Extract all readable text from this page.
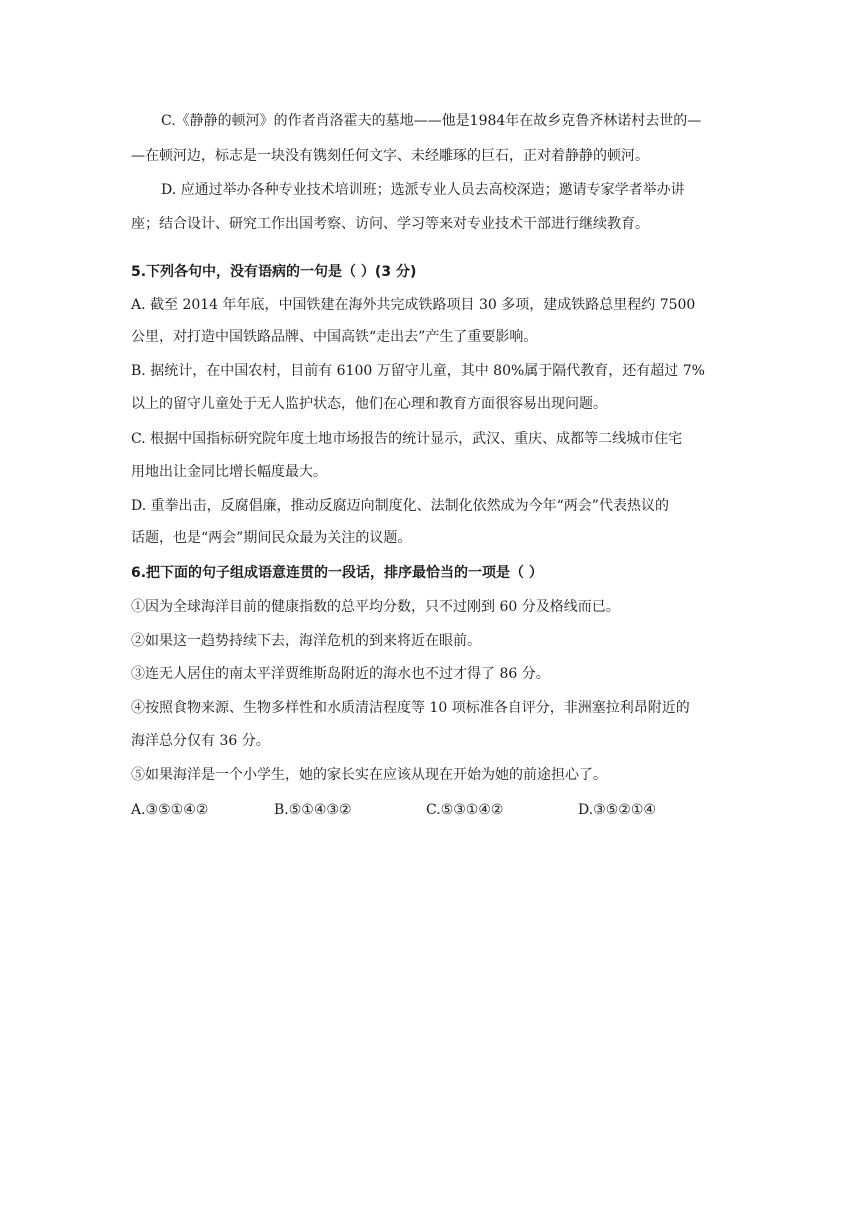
C.《静静的顿河》的作者肖洛霍夫的墓地——他是1984年在故乡克鲁齐林诺村去世的—
—在顿河边，标志是一块没有镌刻任何文字、未经雕琢的巨石，正对着静静的顿河。
D. 应通过举办各种专业技术培训班；选派专业人员去高校深造；邀请专家学者举办讲
座；结合设计、研究工作出国考察、访问、学习等来对专业技术干部进行继续教育。
5.下列各句中，没有语病的一句是（ ）(3 分)
A. 截至 2014 年年底，中国铁建在海外共完成铁路项目 30 多项，建成铁路总里程约 7500
公里，对打造中国铁路品牌、中国高铁“走出去”产生了重要影响。
B. 据统计，在中国农村，目前有 6100 万留守儿童，其中 80%属于隔代教育，还有超过 7%
以上的留守儿童处于无人监护状态，他们在心理和教育方面很容易出现问题。
C. 根据中国指标研究院年度土地市场报告的统计显示，武汉、重庆、成都等二线城市住宅
用地出让金同比增长幅度最大。
D. 重拳出击，反腐倡廉，推动反腐迈向制度化、法制化依然成为今年“两会”代表热议的
话题，也是“两会”期间民众最为关注的议题。
6.把下面的句子组成语意连贯的一段话，排序最恰当的一项是（ ）
①因为全球海洋目前的健康指数的总平均分数，只不过刚到 60 分及格线而已。
②如果这一趋势持续下去，海洋危机的到来将近在眼前。
③连无人居住的南太平洋贾维斯岛附近的海水也不过才得了 86 分。
④按照食物来源、生物多样性和水质清洁程度等 10 项标准各自评分，非洲塞拉利昂附近的
海洋总分仅有 36 分。
⑤如果海洋是一个小学生，她的家长实在应该从现在开始为她的前途担心了。
A.③⑤①④②	B.⑤①④③②	C.⑤③①④②	D.③⑤②①④
